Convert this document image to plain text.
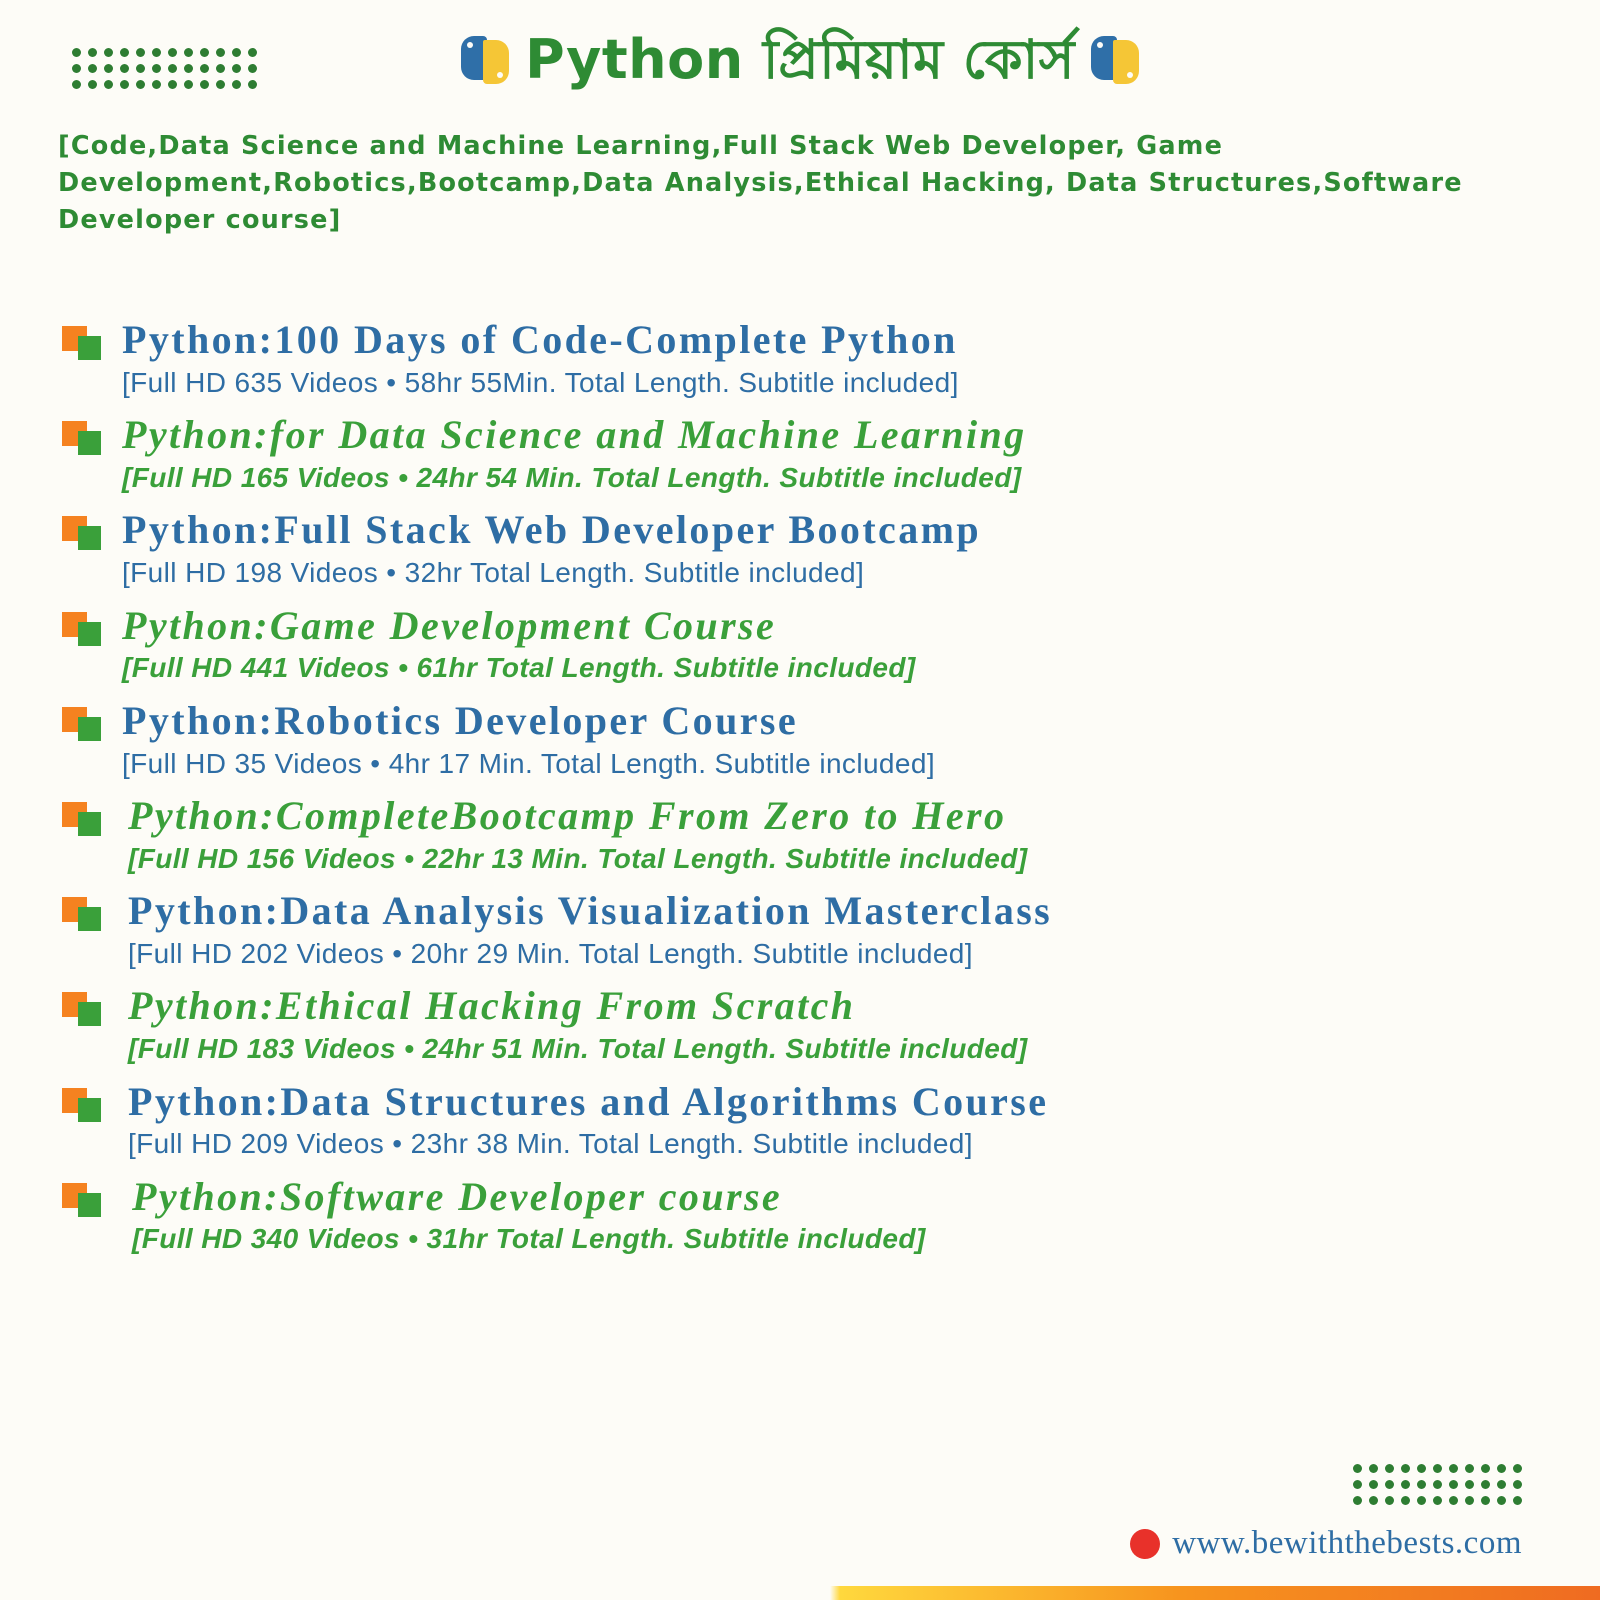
Python প্রিমিয়াম কোর্স
[Code,Data Science and Machine Learning,Full Stack Web Developer, Game Development,Robotics,Bootcamp,Data Analysis,Ethical Hacking, Data Structures,Software Developer course]
Python:100 Days of Code-Complete Python
[Full HD 635 Videos • 58hr 55Min. Total Length. Subtitle included]
Python:for Data Science and Machine Learning
[Full HD 165 Videos • 24hr 54 Min. Total Length. Subtitle included]
Python:Full Stack Web Developer Bootcamp
[Full HD 198 Videos • 32hr Total Length. Subtitle included]
Python:Game Development Course
[Full HD 441 Videos • 61hr Total Length. Subtitle included]
Python:Robotics Developer Course
[Full HD 35 Videos • 4hr 17 Min. Total Length. Subtitle included]
Python:CompleteBootcamp From Zero to Hero
[Full HD 156 Videos • 22hr 13 Min. Total Length. Subtitle included]
Python:Data Analysis Visualization Masterclass
[Full HD 202 Videos • 20hr 29 Min. Total Length. Subtitle included]
Python:Ethical Hacking From Scratch
[Full HD 183 Videos • 24hr 51 Min. Total Length. Subtitle included]
Python:Data Structures and Algorithms Course
[Full HD 209 Videos • 23hr 38 Min. Total Length. Subtitle included]
Python:Software Developer course
[Full HD 340 Videos • 31hr Total Length. Subtitle included]
www.bewiththebests.com
